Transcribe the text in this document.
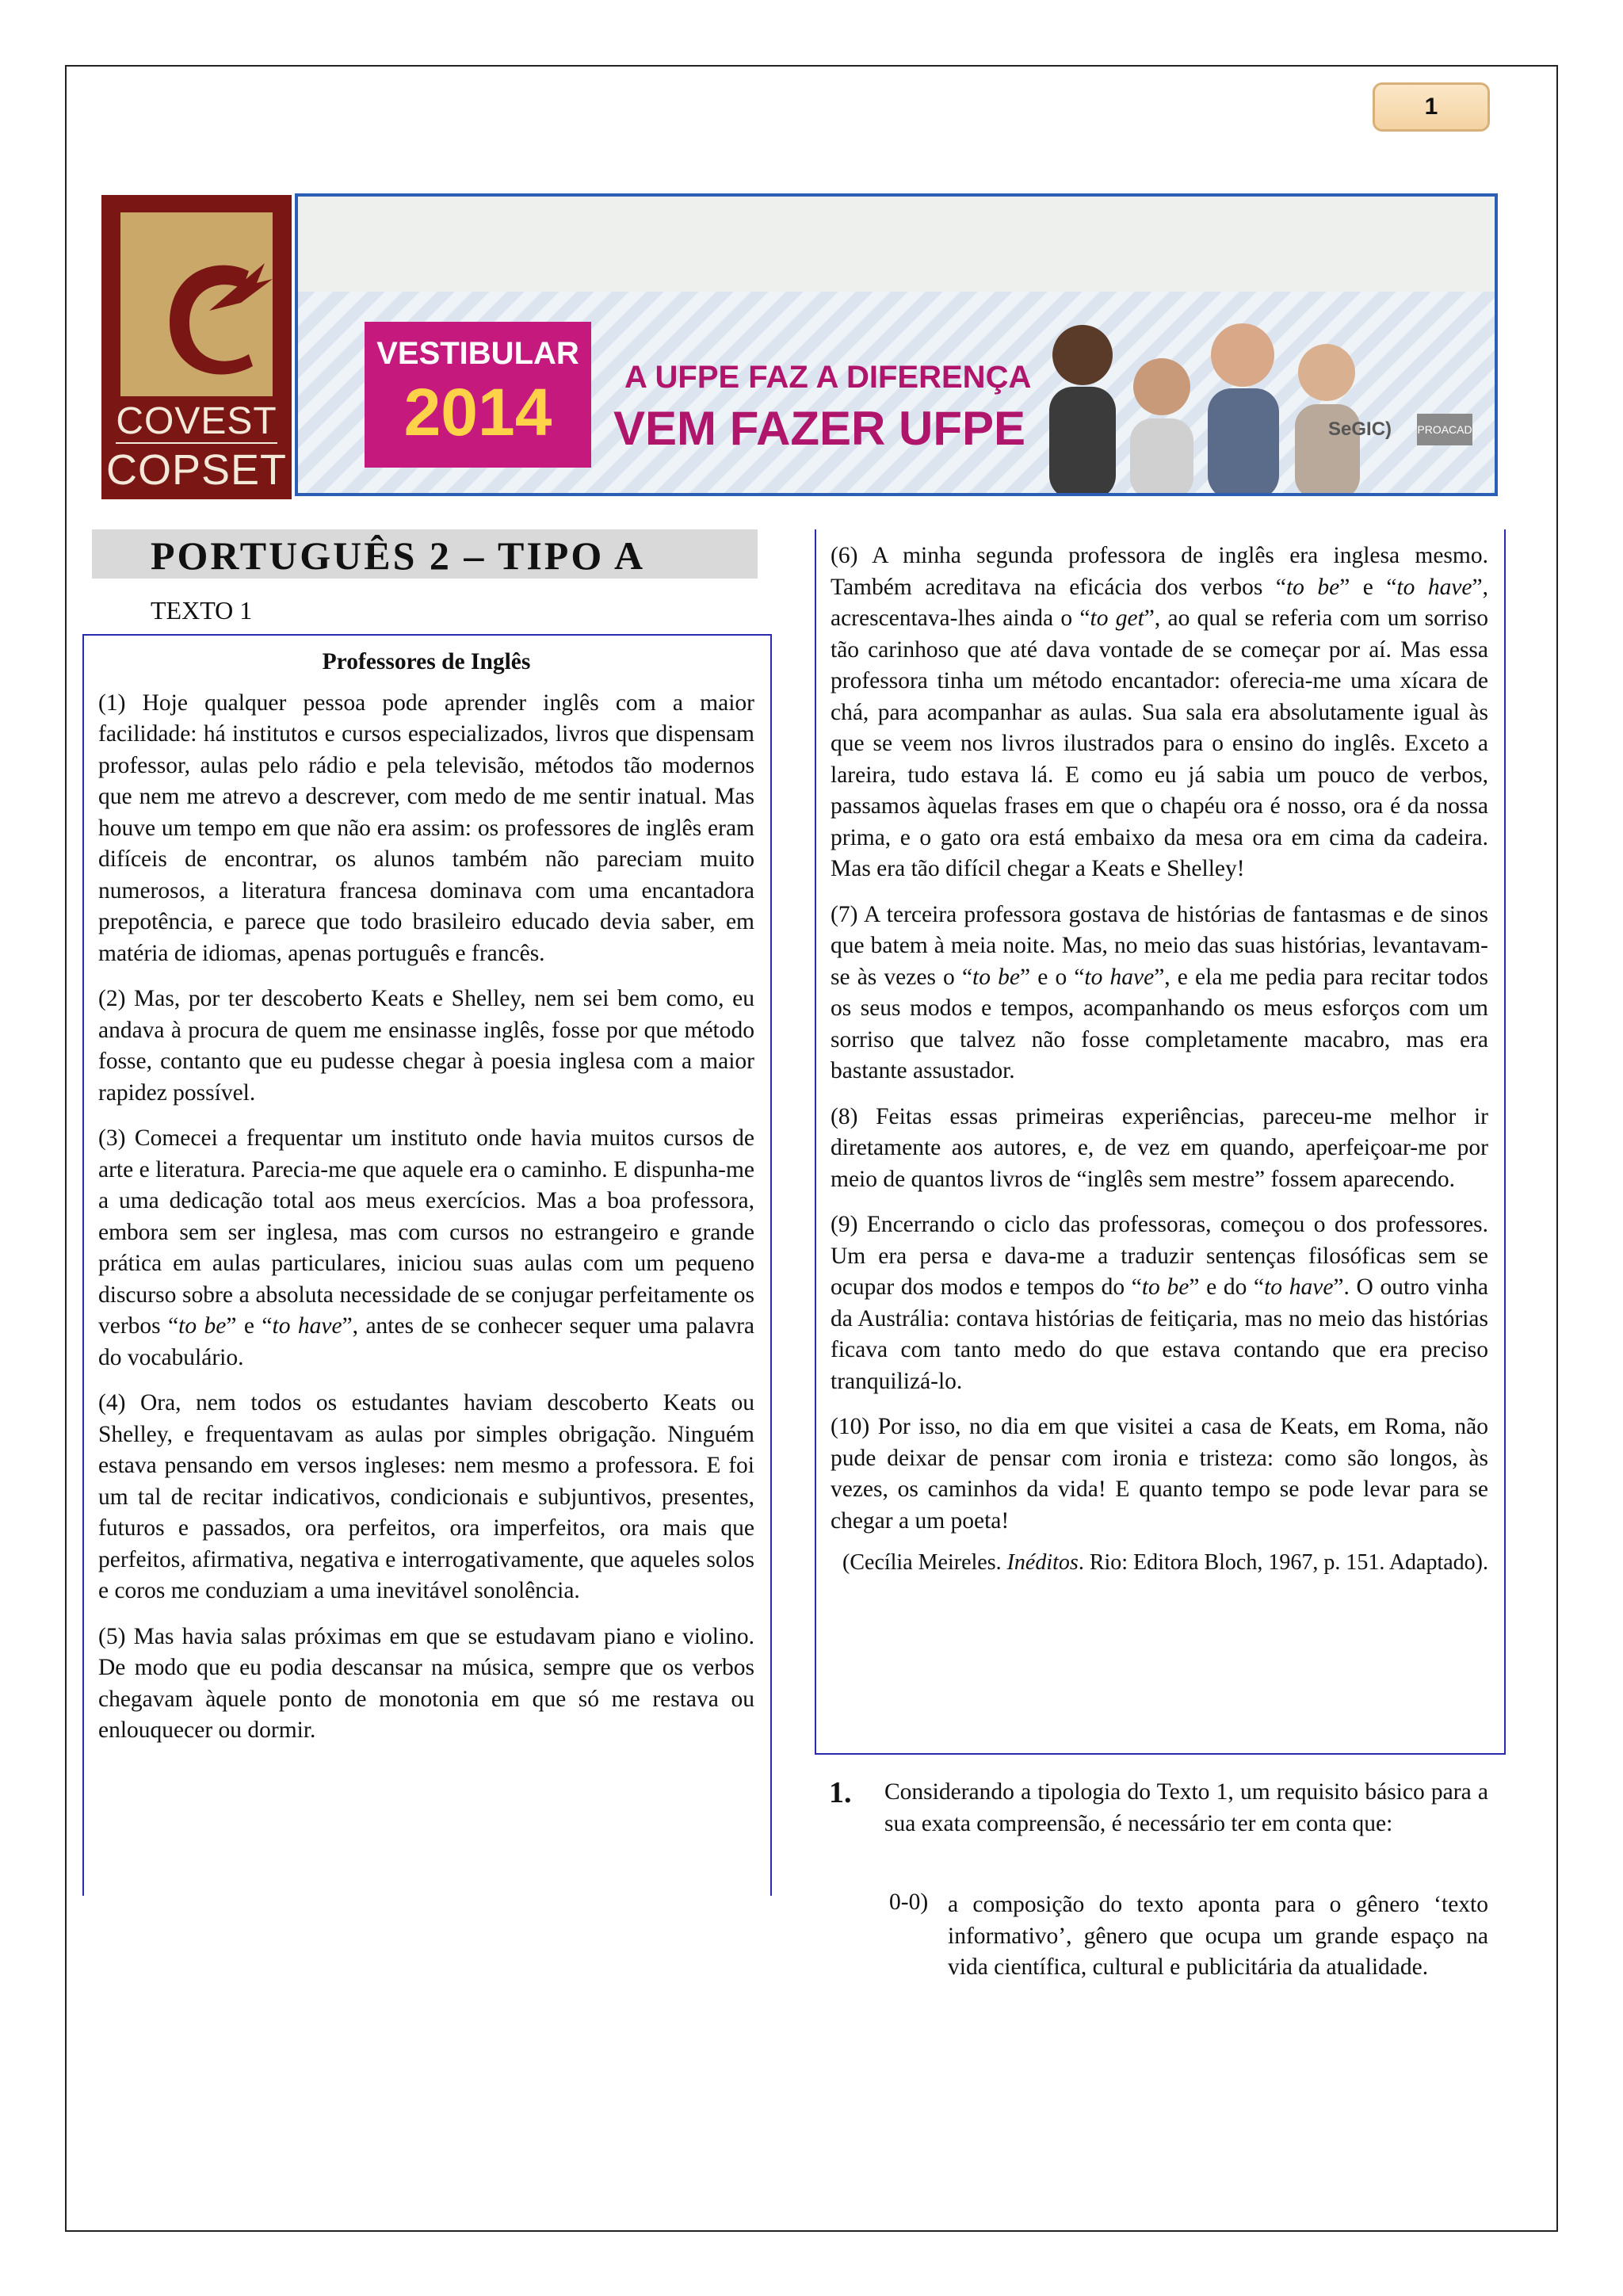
1
COVEST
COPSET
VESTIBULAR
2014	A UFPE FAZ A DIFERENÇA
VEM FAZER UFPE	SeGIC) PROACAD
PORTUGUÊS 2 – TIPO A
TEXTO 1

Professores de Inglês

(1) Hoje qualquer pessoa pode aprender inglês com a maior facilidade: há institutos e cursos especializados, livros que dispensam professor, aulas pelo rádio e pela televisão, métodos tão modernos que nem me atrevo a descrever, com medo de me sentir inatual. Mas houve um tempo em que não era assim: os professores de inglês eram difíceis de encontrar, os alunos também não pareciam muito numerosos, a literatura francesa dominava com uma encantadora prepotência, e parece que todo brasileiro educado devia saber, em matéria de idiomas, apenas português e francês.

(2) Mas, por ter descoberto Keats e Shelley, nem sei bem como, eu andava à procura de quem me ensinasse inglês, fosse por que método fosse, contanto que eu pudesse chegar à poesia inglesa com a maior rapidez possível.

(3) Comecei a frequentar um instituto onde havia muitos cursos de arte e literatura. Parecia-me que aquele era o caminho. E dispunha-me a uma dedicação total aos meus exercícios. Mas a boa professora, embora sem ser inglesa, mas com cursos no estrangeiro e grande prática em aulas particulares, iniciou suas aulas com um pequeno discurso sobre a absoluta necessidade de se conjugar perfeitamente os verbos “to be” e “to have”, antes de se conhecer sequer uma palavra do vocabulário.

(4) Ora, nem todos os estudantes haviam descoberto Keats ou Shelley, e frequentavam as aulas por simples obrigação. Ninguém estava pensando em versos ingleses: nem mesmo a professora. E foi um tal de recitar indicativos, condicionais e subjuntivos, presentes, futuros e passados, ora perfeitos, ora imperfeitos, ora mais que perfeitos, afirmativa, negativa e interrogativamente, que aqueles solos e coros me conduziam a uma inevitável sonolência.

(5) Mas havia salas próximas em que se estudavam piano e violino. De modo que eu podia descansar na música, sempre que os verbos chegavam àquele ponto de monotonia em que só me restava ou enlouquecer ou dormir.

(6) A minha segunda professora de inglês era inglesa mesmo. Também acreditava na eficácia dos verbos “to be” e “to have”, acrescentava-lhes ainda o “to get”, ao qual se referia com um sorriso tão carinhoso que até dava vontade de se começar por aí. Mas essa professora tinha um método encantador: oferecia-me uma xícara de chá, para acompanhar as aulas. Sua sala era absolutamente igual às que se veem nos livros ilustrados para o ensino do inglês. Exceto a lareira, tudo estava lá. E como eu já sabia um pouco de verbos, passamos àquelas frases em que o chapéu ora é nosso, ora é da nossa prima, e o gato ora está embaixo da mesa ora em cima da cadeira. Mas era tão difícil chegar a Keats e Shelley!

(7) A terceira professora gostava de histórias de fantasmas e de sinos que batem à meia noite. Mas, no meio das suas histórias, levantavam-se às vezes o “to be” e o “to have”, e ela me pedia para recitar todos os seus modos e tempos, acompanhando os meus esforços com um sorriso que talvez não fosse completamente macabro, mas era bastante assustador.

(8) Feitas essas primeiras experiências, pareceu-me melhor ir diretamente aos autores, e, de vez em quando, aperfeiçoar-me por meio de quantos livros de “inglês sem mestre” fossem aparecendo.

(9) Encerrando o ciclo das professoras, começou o dos professores. Um era persa e dava-me a traduzir sentenças filosóficas sem se ocupar dos modos e tempos do “to be” e do “to have”. O outro vinha da Austrália: contava histórias de feitiçaria, mas no meio das histórias ficava com tanto medo do que estava contando que era preciso tranquilizá-lo.

(10) Por isso, no dia em que visitei a casa de Keats, em Roma, não pude deixar de pensar com ironia e tristeza: como são longos, às vezes, os caminhos da vida! E quanto tempo se pode levar para se chegar a um poeta!

(Cecília Meireles. Inéditos. Rio: Editora Bloch, 1967, p. 151. Adaptado).

1. Considerando a tipologia do Texto 1, um requisito básico para a sua exata compreensão, é necessário ter em conta que:
0-0) a composição do texto aponta para o gênero ‘texto informativo’, gênero que ocupa um grande espaço na vida científica, cultural e publicitária da atualidade.
